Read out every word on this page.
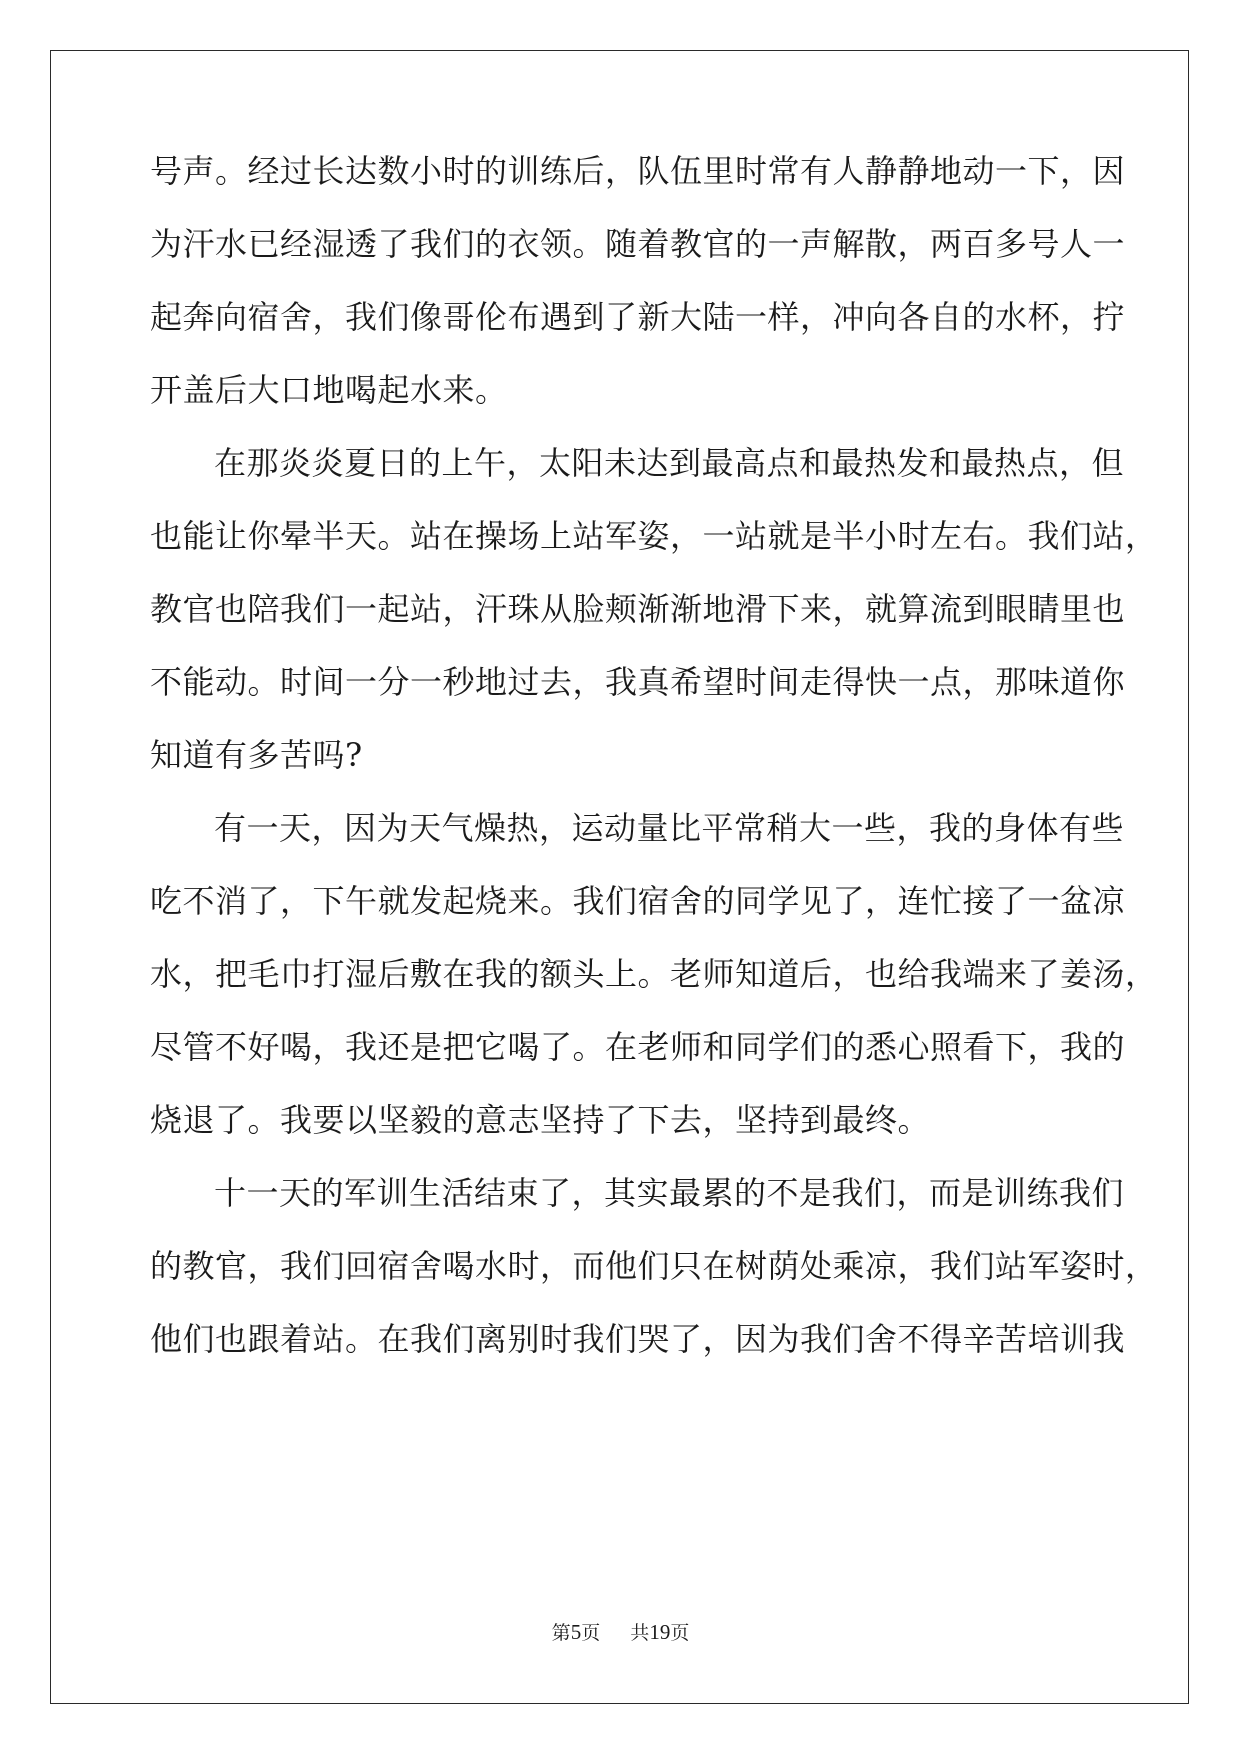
号声。经过长达数小时的训练后，队伍里时常有人静静地动一下，因
为汗水已经湿透了我们的衣领。随着教官的一声解散，两百多号人一
起奔向宿舍，我们像哥伦布遇到了新大陆一样，冲向各自的水杯，拧
开盖后大口地喝起水来。
在那炎炎夏日的上午，太阳未达到最高点和最热发和最热点，但
也能让你晕半天。站在操场上站军姿，一站就是半小时左右。我们站，
教官也陪我们一起站，汗珠从脸颊渐渐地滑下来，就算流到眼睛里也
不能动。时间一分一秒地过去，我真希望时间走得快一点，那味道你
知道有多苦吗?
有一天，因为天气燥热，运动量比平常稍大一些，我的身体有些
吃不消了，下午就发起烧来。我们宿舍的同学见了，连忙接了一盆凉
水，把毛巾打湿后敷在我的额头上。老师知道后，也给我端来了姜汤，
尽管不好喝，我还是把它喝了。在老师和同学们的悉心照看下，我的
烧退了。我要以坚毅的意志坚持了下去，坚持到最终。
十一天的军训生活结束了，其实最累的不是我们，而是训练我们
的教官，我们回宿舍喝水时，而他们只在树荫处乘凉，我们站军姿时，
他们也跟着站。在我们离别时我们哭了，因为我们舍不得辛苦培训我
第5页 共19页
